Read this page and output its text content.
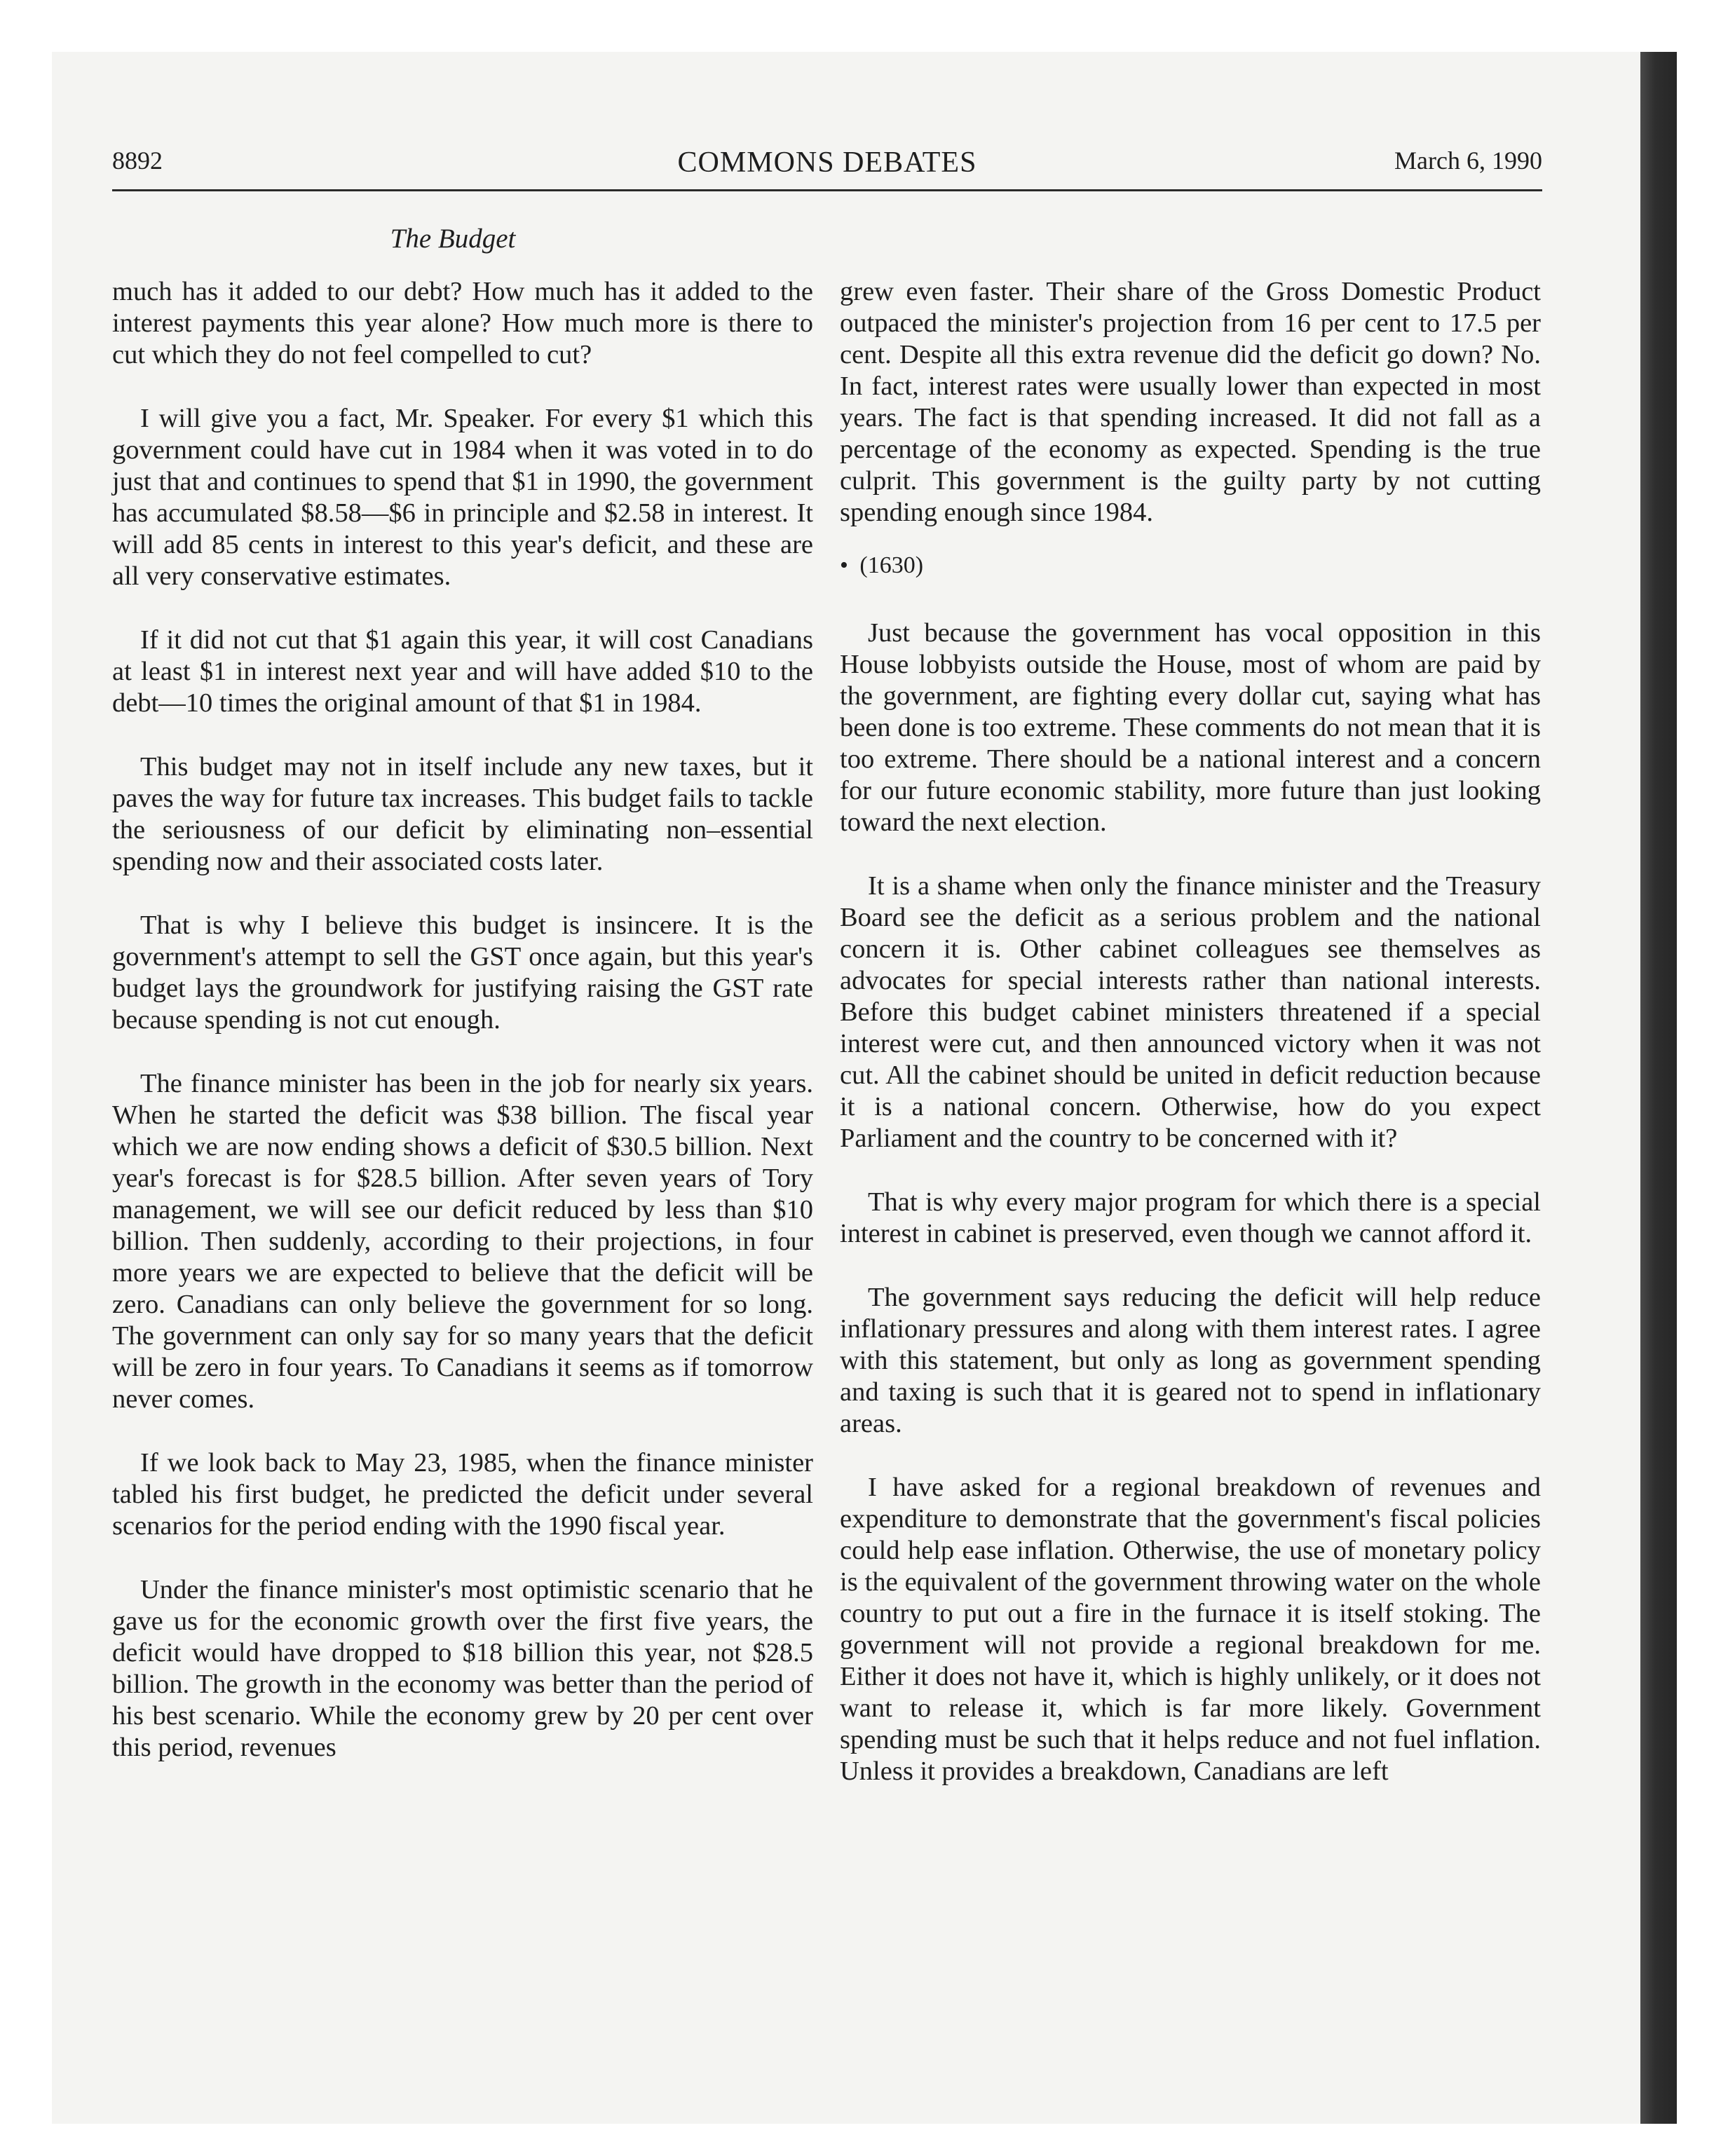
8892	COMMONS DEBATES	March 6, 1990
The Budget

much has it added to our debt? How much has it added to the interest payments this year alone? How much more is there to cut which they do not feel compelled to cut?

I will give you a fact, Mr. Speaker. For every $1 which this government could have cut in 1984 when it was voted in to do just that and continues to spend that $1 in 1990, the government has accumulated $8.58—$6 in principle and $2.58 in interest. It will add 85 cents in interest to this year's deficit, and these are all very conservative estimates.

If it did not cut that $1 again this year, it will cost Canadians at least $1 in interest next year and will have added $10 to the debt—10 times the original amount of that $1 in 1984.

This budget may not in itself include any new taxes, but it paves the way for future tax increases. This budget fails to tackle the seriousness of our deficit by eliminating non–essential spending now and their associated costs later.

That is why I believe this budget is insincere. It is the government's attempt to sell the GST once again, but this year's budget lays the groundwork for justifying raising the GST rate because spending is not cut enough.

The finance minister has been in the job for nearly six years. When he started the deficit was $38 billion. The fiscal year which we are now ending shows a deficit of $30.5 billion. Next year's forecast is for $28.5 billion. After seven years of Tory management, we will see our deficit reduced by less than $10 billion. Then suddenly, according to their projections, in four more years we are expected to believe that the deficit will be zero. Canadians can only believe the government for so long. The government can only say for so many years that the deficit will be zero in four years. To Canadians it seems as if tomorrow never comes.

If we look back to May 23, 1985, when the finance minister tabled his first budget, he predicted the deficit under several scenarios for the period ending with the 1990 fiscal year.

Under the finance minister's most optimistic scenario that he gave us for the economic growth over the first five years, the deficit would have dropped to $18 billion this year, not $28.5 billion. The growth in the economy was better than the period of his best scenario. While the economy grew by 20 per cent over this period, revenues

grew even faster. Their share of the Gross Domestic Product outpaced the minister's projection from 16 per cent to 17.5 per cent. Despite all this extra revenue did the deficit go down? No. In fact, interest rates were usually lower than expected in most years. The fact is that spending increased. It did not fall as a percentage of the economy as expected. Spending is the true culprit. This government is the guilty party by not cutting spending enough since 1984.

• (1630)

Just because the government has vocal opposition in this House lobbyists outside the House, most of whom are paid by the government, are fighting every dollar cut, saying what has been done is too extreme. These comments do not mean that it is too extreme. There should be a national interest and a concern for our future economic stability, more future than just looking toward the next election.

It is a shame when only the finance minister and the Treasury Board see the deficit as a serious problem and the national concern it is. Other cabinet colleagues see themselves as advocates for special interests rather than national interests. Before this budget cabinet ministers threatened if a special interest were cut, and then announced victory when it was not cut. All the cabinet should be united in deficit reduction because it is a national concern. Otherwise, how do you expect Parliament and the country to be concerned with it?

That is why every major program for which there is a special interest in cabinet is preserved, even though we cannot afford it.

The government says reducing the deficit will help reduce inflationary pressures and along with them interest rates. I agree with this statement, but only as long as government spending and taxing is such that it is geared not to spend in inflationary areas.

I have asked for a regional breakdown of revenues and expenditure to demonstrate that the government's fiscal policies could help ease inflation. Otherwise, the use of monetary policy is the equivalent of the government throwing water on the whole country to put out a fire in the furnace it is itself stoking. The government will not provide a regional breakdown for me. Either it does not have it, which is highly unlikely, or it does not want to release it, which is far more likely. Government spending must be such that it helps reduce and not fuel inflation. Unless it provides a breakdown, Canadians are left
